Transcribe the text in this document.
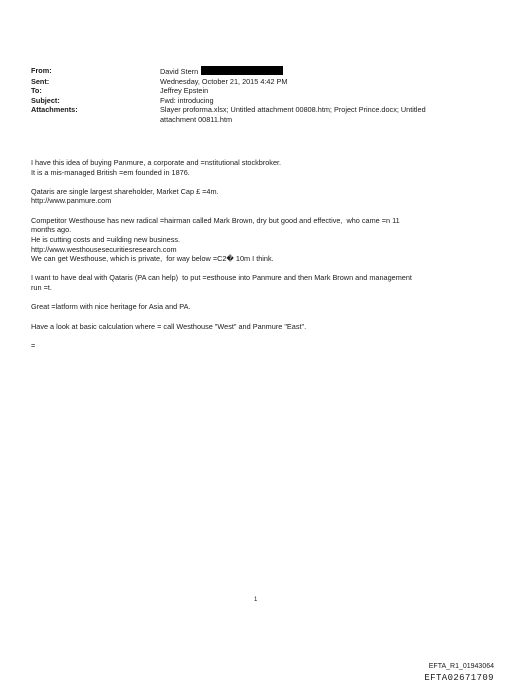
From:	David Stern
Sent:	Wednesday, October 21, 2015 4:42 PM
To:	Jeffrey Epstein
Subject:	Fwd: introducing
Attachments:	Slayer proforma.xlsx; Untitled attachment 00808.htm; Project Prince.docx; Untitled
attachment 00811.htm
I have this idea of buying Panmure, a corporate and =nstitutional stockbroker.
It is a mis-managed British =em founded in 1876.
Qataris are single largest shareholder, Market Cap £ =4m.
http://www.panmure.com
Competitor Westhouse has new radical =hairman called Mark Brown, dry but good and effective,  who came =n 11
months ago.
He is cutting costs and =uilding new business.
http://www.westhousesecuritiesresearch.com
We can get Westhouse, which is private,  for way below =C2� 10m I think.
I want to have deal with Qataris (PA can help)  to put =esthouse into Panmure and then Mark Brown and management
run =t.
Great =latform with nice heritage for Asia and PA.
Have a look at basic calculation where = call Westhouse "West" and Panmure "East".
=
1
EFTA_R1_01943064
EFTA02671709
